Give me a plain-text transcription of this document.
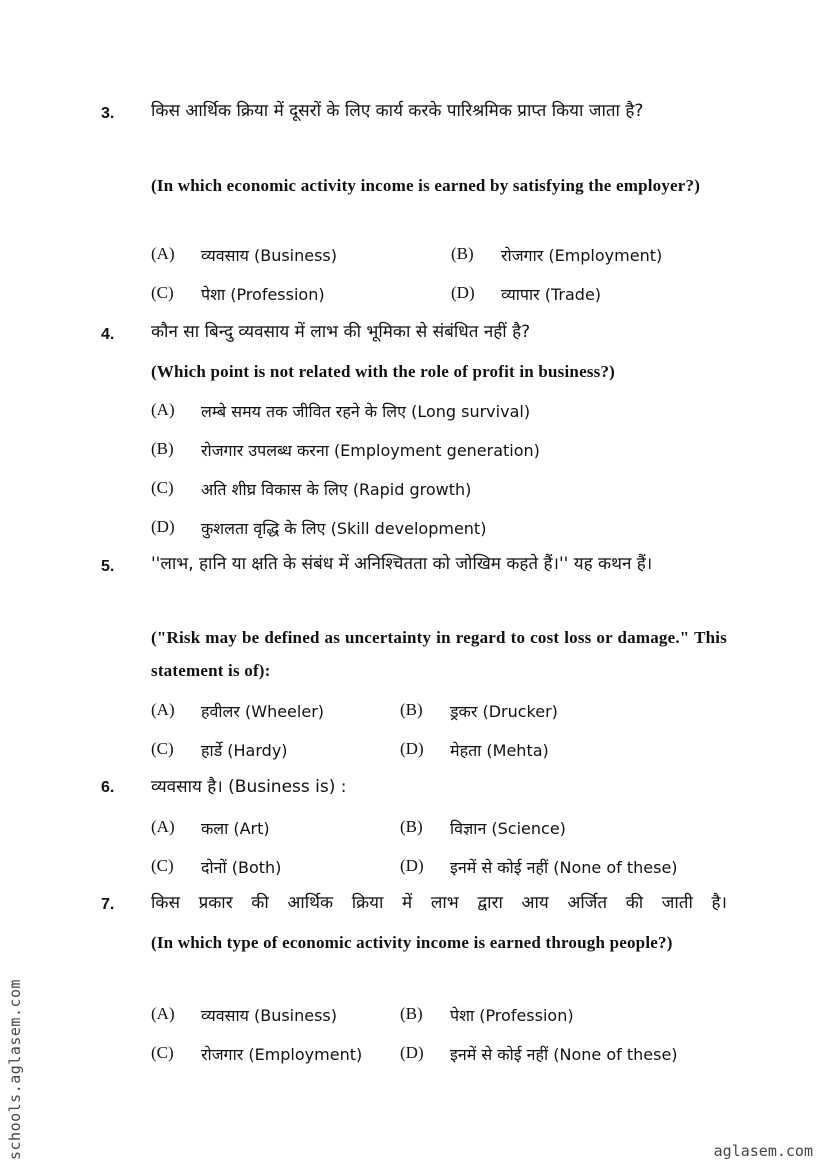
3. किस आर्थिक क्रिया में दूसरों के लिए कार्य करके पारिश्रमिक प्राप्त किया जाता है?
(In which economic activity income is earned by satisfying the employer?)
(A) व्यवसाय (Business)	(B) रोजगार (Employment)
(C) पेशा (Profession)	(D) व्यापार (Trade)
4. कौन सा बिन्दु व्यवसाय में लाभ की भूमिका से संबंधित नहीं है?
(Which point is not related with the role of profit in business?)
(A) लम्बे समय तक जीवित रहने के लिए (Long survival)
(B) रोजगार उपलब्ध करना (Employment generation)
(C) अति शीघ्र विकास के लिए (Rapid growth)
(D) कुशलता वृद्धि के लिए (Skill development)
5. ''लाभ, हानि या क्षति के संबंध में अनिश्चितता को जोखिम कहते हैं।'' यह कथन हैं।
("Risk may be defined as uncertainty in regard to cost loss or damage." This statement is of):
(A) हवीलर (Wheeler)	(B) ड्रकर (Drucker)
(C) हार्डे (Hardy)	(D) मेहता (Mehta)
6. व्यवसाय है। (Business is) :
(A) कला (Art)	(B) विज्ञान (Science)
(C) दोनों (Both)	(D) इनमें से कोई नहीं (None of these)
7. किस प्रकार की आर्थिक क्रिया में लाभ द्वारा आय अर्जित की जाती है।
(In which type of economic activity income is earned through people?)
(A) व्यवसाय (Business)	(B) पेशा (Profession)
(C) रोजगार (Employment) (D) इनमें से कोई नहीं (None of these)
schools.aglasem.com	aglasem.com
